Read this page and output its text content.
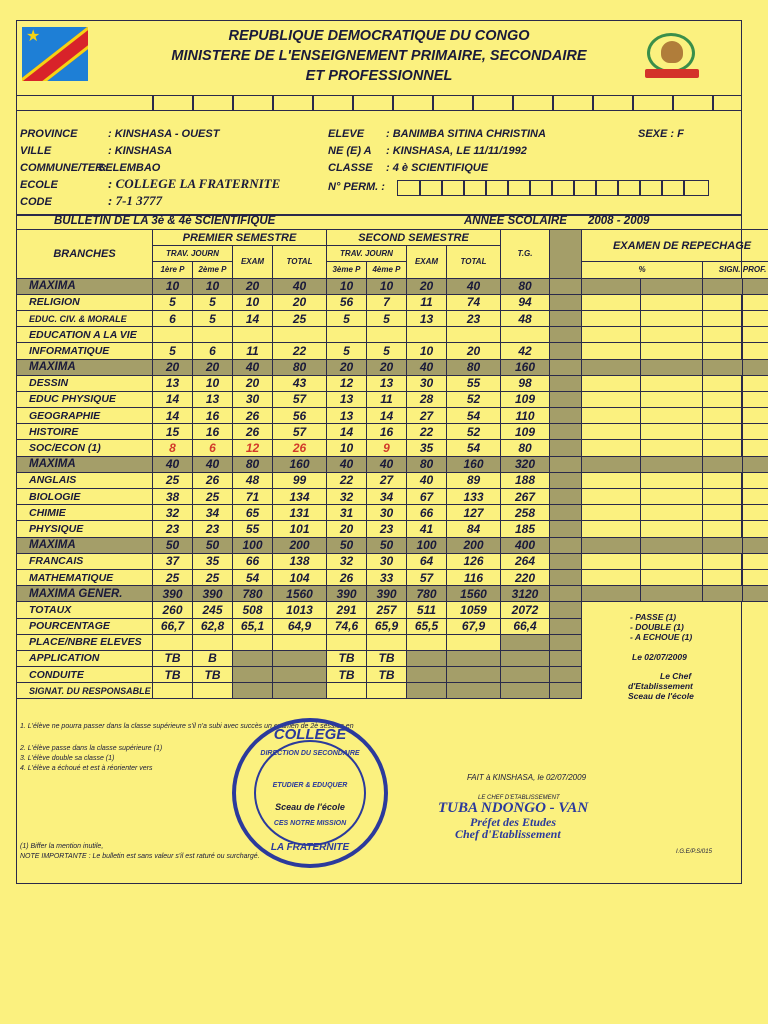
★	REPUBLIQUE DEMOCRATIQUE DU CONGO
MINISTERE DE L'ENSEIGNEMENT PRIMAIRE, SECONDAIRE
ET PROFESSIONNEL
PROVINCE	: KINSHASA - OUEST
VILLE	: KINSHASA
COMMUNE/TER:
SELEMBAO
ECOLE	: COLLEGE LA FRATERNITE
CODE	: 7-1 3777
ELEVE : BANIMBA SITINA CHRISTINA	SEXE : F
NE (E) A : KINSHASA, LE 11/11/1992
CLASSE : 4 è SCIENTIFIQUE
N° PERM. :
BULLETIN DE LA 3è & 4è SCIENTIFIQUE	ANNEE SCOLAIRE 2008 - 2009
BRANCHES	PREMIER SEMESTRE				SECOND SEMESTRE				T.G.		EXAMEN DE REPECHAGE			
	TRAV. JOURN		EXAM	TOTAL	TRAV. JOURN		EXAM	TOTAL						
	1ère P	2ème P			3ème P	4ème P					%		SIGN. PROF.	
MAXIMA	10	10	20	40	10	10	20	40	80					
RELIGION	5	5	10	20	56	7	11	74	94					
EDUC. CIV. & MORALE	6	5	14	25	5	5	13	23	48					
EDUCATION A LA VIE														
INFORMATIQUE	5	6	11	22	5	5	10	20	42					
MAXIMA	20	20	40	80	20	20	40	80	160					
DESSIN	13	10	20	43	12	13	30	55	98					
EDUC PHYSIQUE	14	13	30	57	13	11	28	52	109					
GEOGRAPHIE	14	16	26	56	13	14	27	54	110					
HISTOIRE	15	16	26	57	14	16	22	52	109					
SOC/ECON (1)	8	6	12	26	10	9	35	54	80					
MAXIMA	40	40	80	160	40	40	80	160	320					
ANGLAIS	25	26	48	99	22	27	40	89	188					
BIOLOGIE	38	25	71	134	32	34	67	133	267					
CHIMIE	32	34	65	131	31	30	66	127	258					
PHYSIQUE	23	23	55	101	20	23	41	84	185					
MAXIMA	50	50	100	200	50	50	100	200	400					
FRANCAIS	37	35	66	138	32	30	64	126	264					
MATHEMATIQUE	25	25	54	104	26	33	57	116	220					
MAXIMA GENER.	390	390	780	1560	390	390	780	1560	3120					
TOTAUX	260	245	508	1013	291	257	511	1059	2072					
POURCENTAGE	66,7	62,8	65,1	64,9	74,6	65,9	65,5	67,9	66,4					
PLACE/NBRE ELEVES														
APPLICATION	TB	B			TB	TB								
CONDUITE	TB	TB			TB	TB								
SIGNAT. DU RESPONSABLE														
- PASSE (1)
- DOUBLE (1)
- A ECHOUE (1)
Le 02/07/2009
Le Chef
d'Etablissement
Sceau de l'école
1. L'élève ne pourra passer dans la classe supérieure s'il n'a subi avec succès un examen de 2è session en
2. L'élève passe dans la classe supérieure (1)
3. L'élève double sa classe (1)
4. L'élève a échoué et est à réorienter vers
(1) Biffer la mention inutile,
NOTE IMPORTANTE : Le bulletin est sans valeur s'il est raturé ou surchargé.
FAIT à KINSHASA, le 02/07/2009
LE CHEF D'ETABLISSEMENT
I.G.E/P.S/015
TUBA NDONGO - VAN
Préfet des Etudes
Chef d'Etablissement
COLLEGE
DIRECTION DU SECONDAIRE
ETUDIER & EDUQUER
Sceau de l'école
CES NOTRE MISSION
LA FRATERNITE
